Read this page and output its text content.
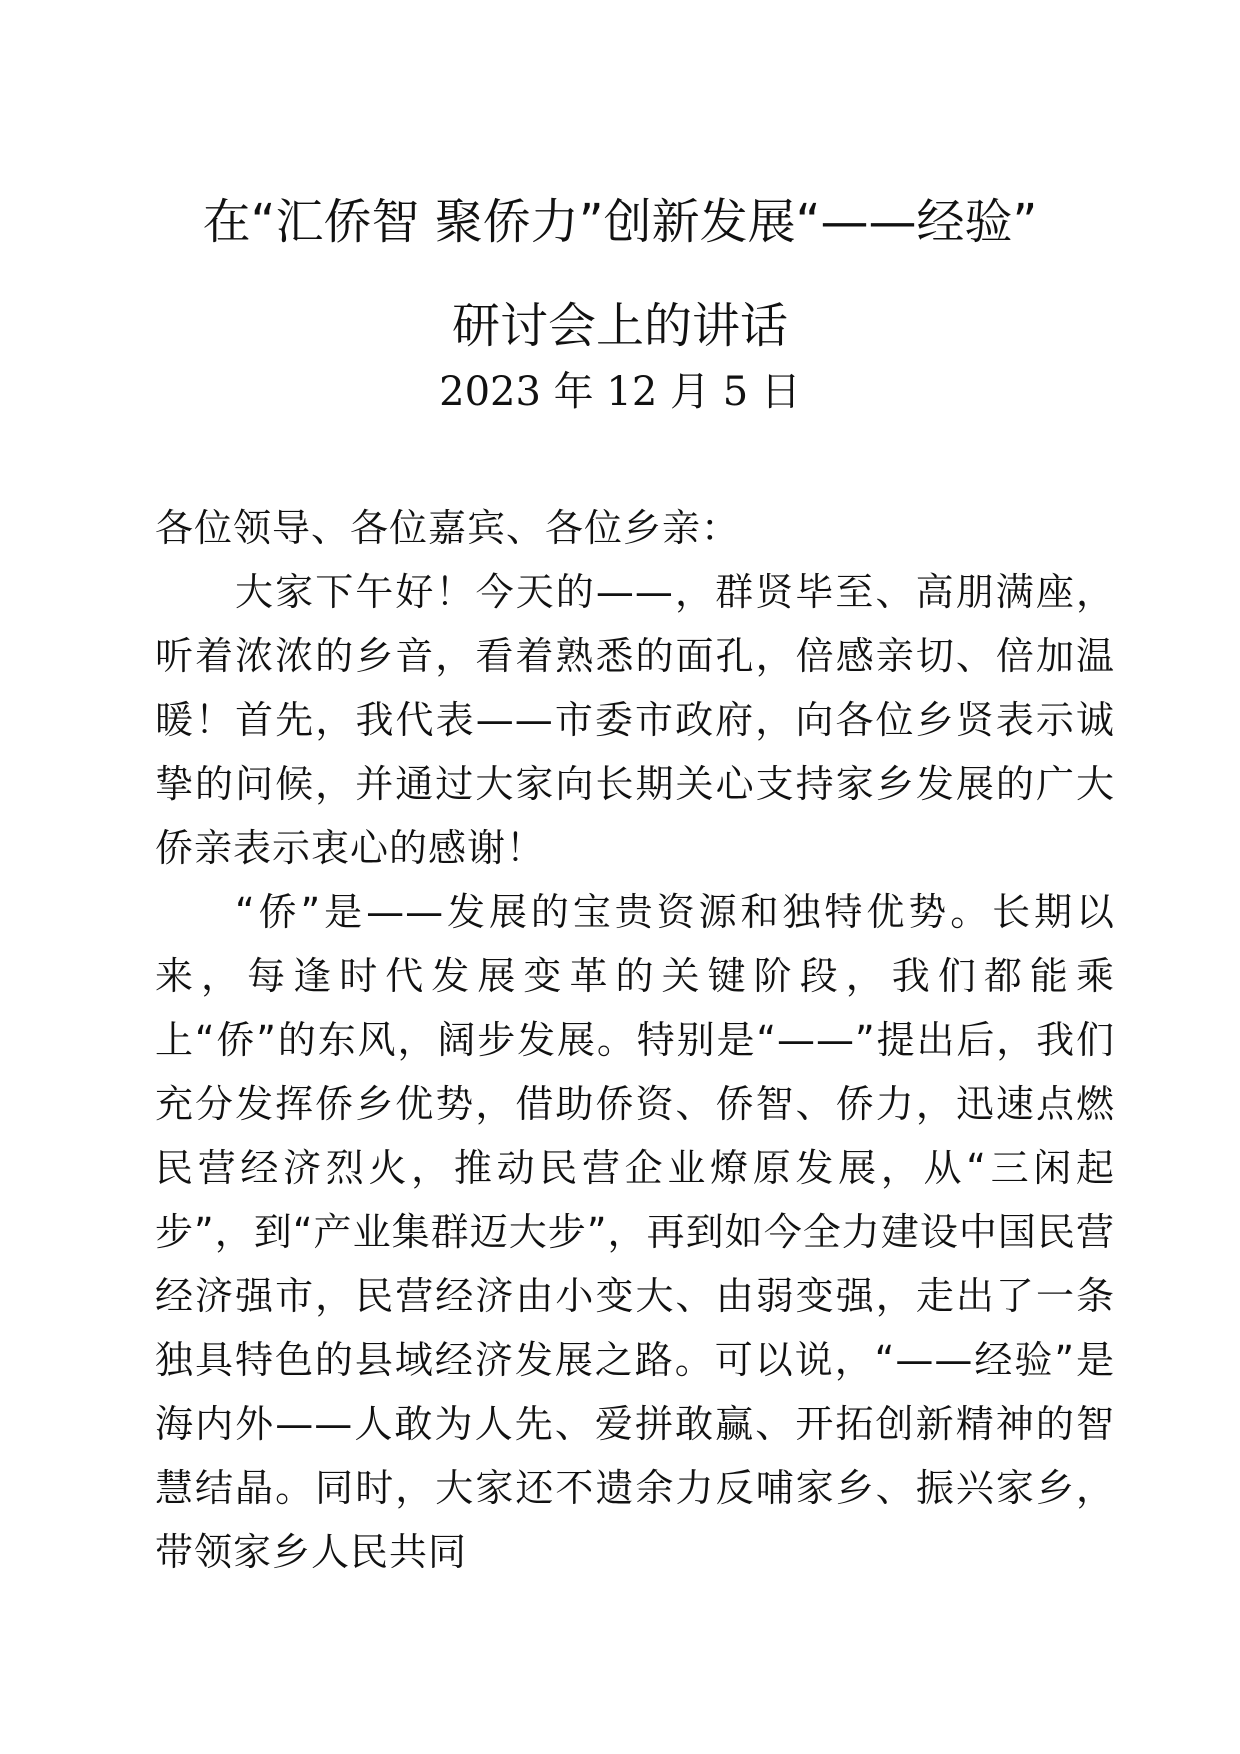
在“汇侨智 聚侨力”创新发展“——经验”
研讨会上的讲话
2023 年 12 月 5 日

各位领导、各位嘉宾、各位乡亲：

大家下午好！今天的——，群贤毕至、高朋满座，听着浓浓的乡音，看着熟悉的面孔，倍感亲切、倍加温暖！首先，我代表——市委市政府，向各位乡贤表示诚挚的问候，并通过大家向长期关心支持家乡发展的广大侨亲表示衷心的感谢！

“侨”是——发展的宝贵资源和独特优势。长期以来，每逢时代发展变革的关键阶段，我们都能乘上“侨”的东风，阔步发展。特别是“——”提出后，我们充分发挥侨乡优势，借助侨资、侨智、侨力，迅速点燃民营经济烈火，推动民营企业燎原发展，从“三闲起步”，到“产业集群迈大步”，再到如今全力建设中国民营经济强市，民营经济由小变大、由弱变强，走出了一条独具特色的县域经济发展之路。可以说，“——经验”是海内外——人敢为人先、爱拼敢赢、开拓创新精神的智慧结晶。同时，大家还不遗余力反哺家乡、振兴家乡，带领家乡人民共同
